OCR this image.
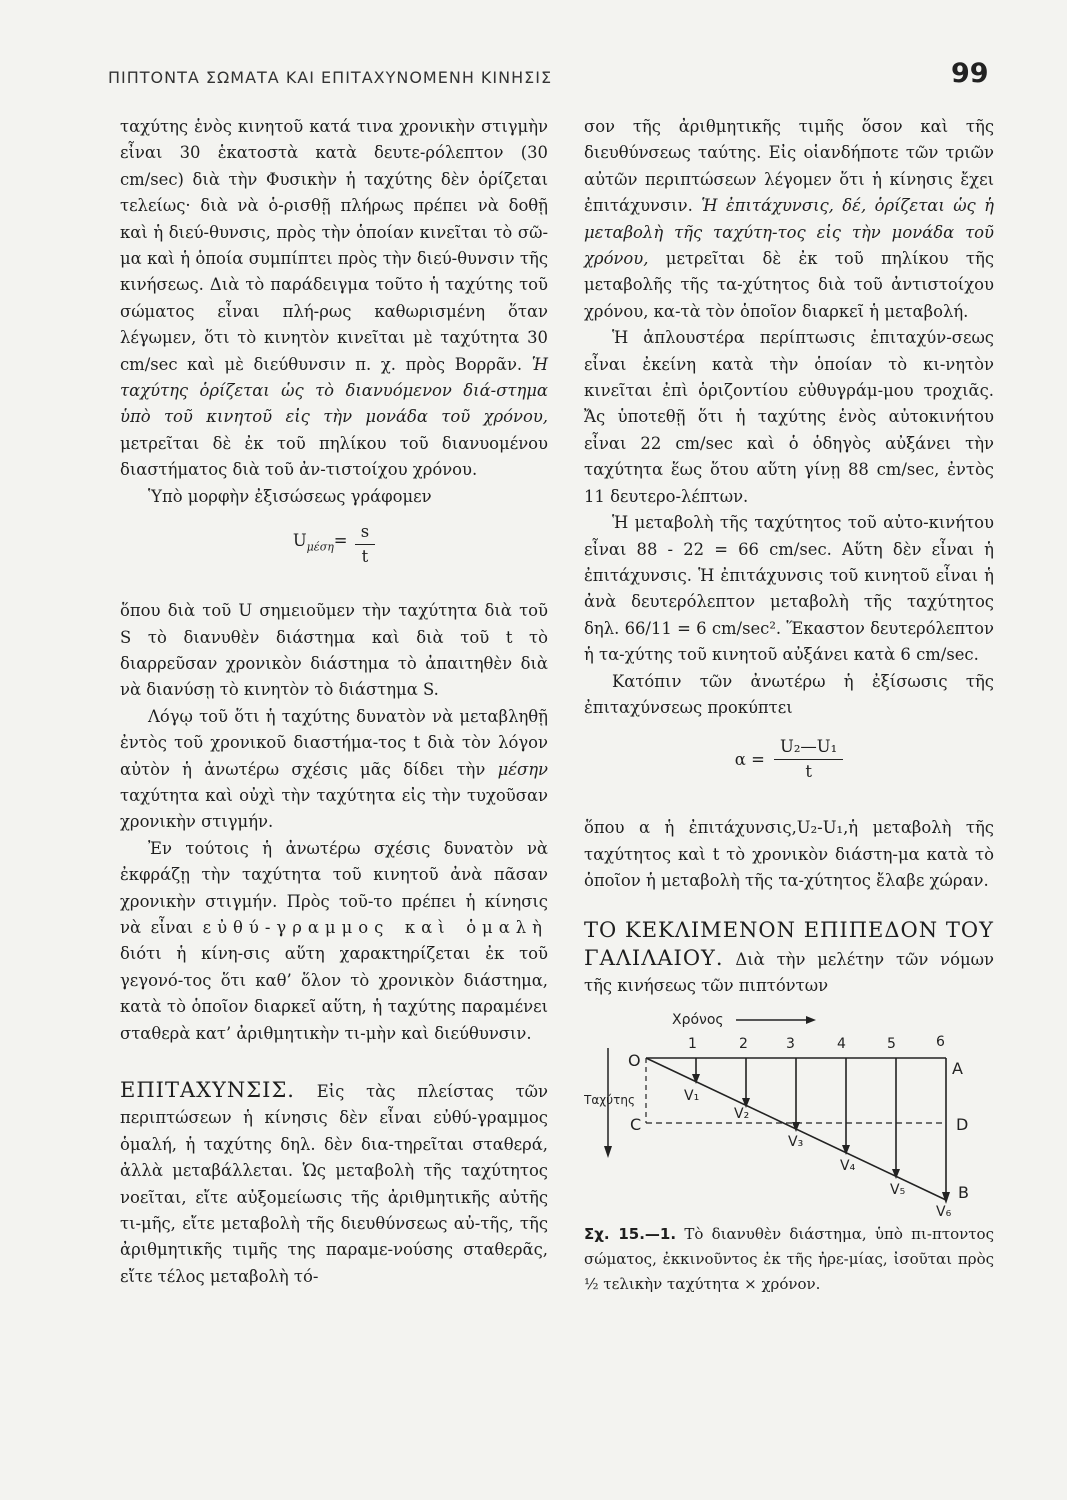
ΠΙΠΤΟΝΤΑ ΣΩΜΑΤΑ ΚΑΙ ΕΠΙΤΑΧΥΝΟΜΕΝΗ ΚΙΝΗΣΙΣ	99

ταχύτης ἑνὸς κινητοῦ κατά τινα χρονικὴν στιγμὴν εἶναι 30 ἑκατοστὰ κατὰ δευτε-ρόλεπτον (30 cm/sec) διὰ τὴν Φυσικὴν ἡ ταχύτης δὲν ὁρίζεται τελείως· διὰ νὰ ὁ-ρισθῇ πλήρως πρέπει νὰ δοθῇ καὶ ἡ διεύ-θυνσις, πρὸς τὴν ὁποίαν κινεῖται τὸ σῶ-μα καὶ ἡ ὁποία συμπίπτει πρὸς τὴν διεύ-θυνσιν τῆς κινήσεως. Διὰ τὸ παράδειγμα τοῦτο ἡ ταχύτης τοῦ σώματος εἶναι πλή-ρως καθωρισμένη ὅταν λέγωμεν, ὅτι τὸ κινητὸν κινεῖται μὲ ταχύτητα 30 cm/sec καὶ μὲ διεύθυνσιν π. χ. πρὸς Βορρᾶν. Ἡ ταχύτης ὁρίζεται ὡς τὸ διανυόμενον διά-στημα ὑπὸ τοῦ κινητοῦ εἰς τὴν μονάδα τοῦ χρόνου, μετρεῖται δὲ ἐκ τοῦ πηλίκου τοῦ διανυομένου διαστήματος διὰ τοῦ ἀν-τιστοίχου χρόνου.

Ὑπὸ μορφὴν ἐξισώσεως γράφομεν

$U_{\mu έ\sigma\eta}= \frac{s}{t}$

ὅπου διὰ τοῦ U σημειοῦμεν τὴν ταχύτητα διὰ τοῦ S τὸ διανυθὲν διάστημα καὶ διὰ τοῦ t τὸ διαρρεῦσαν χρονικὸν διάστημα τὸ ἀπαιτηθὲν διὰ νὰ διανύσῃ τὸ κινητὸν τὸ διάστημα S.

Λόγῳ τοῦ ὅτι ἡ ταχύτης δυνατὸν νὰ μεταβληθῇ ἐντὸς τοῦ χρονικοῦ διαστήμα-τος t διὰ τὸν λόγον αὐτὸν ἡ ἀνωτέρω σχέσις μᾶς δίδει τὴν μέσην ταχύτητα καὶ οὐχὶ τὴν ταχύτητα εἰς τὴν τυχοῦσαν χρονικὴν στιγμήν.

Ἐν τούτοις ἡ ἀνωτέρω σχέσις δυνατὸν νὰ ἐκφράζῃ τὴν ταχύτητα τοῦ κινητοῦ ἀνὰ πᾶσαν χρονικὴν στιγμήν. Πρὸς τοῦ-το πρέπει ἡ κίνησις νὰ εἶναι εὐθύ-γραμμος καὶ ὁμαλὴ διότι ἡ κίνη-σις αὕτη χαρακτηρίζεται ἐκ τοῦ γεγονό-τος ὅτι καθ’ ὅλον τὸ χρονικὸν διάστημα, κατὰ τὸ ὁποῖον διαρκεῖ αὕτη, ἡ ταχύτης παραμένει σταθερὰ κατ’ ἀριθμητικὴν τι-μὴν καὶ διεύθυνσιν.

ΕΠΙΤΑΧΥΝΣΙΣ. Εἰς τὰς πλείστας τῶν περιπτώσεων ἡ κίνησις δὲν εἶναι εὐθύ-γραμμος ὁμαλή, ἡ ταχύτης δηλ. δὲν δια-τηρεῖται σταθερά, ἀλλὰ μεταβάλλεται. Ὡς μεταβολὴ τῆς ταχύτητος νοεῖται, εἴτε αὐξομείωσις τῆς ἀριθμητικῆς αὐτῆς τι-μῆς, εἴτε μεταβολὴ τῆς διευθύνσεως αὐ-τῆς, τῆς ἀριθμητικῆς τιμῆς της παραμε-νούσης σταθερᾶς, εἴτε τέλος μεταβολὴ τό-

σον τῆς ἀριθμητικῆς τιμῆς ὅσον καὶ τῆς διευθύνσεως ταύτης. Εἰς οἱανδήποτε τῶν τριῶν αὐτῶν περιπτώσεων λέγομεν ὅτι ἡ κίνησις ἔχει ἐπιτάχυνσιν. Ἡ ἐπιτάχυνσις, δέ, ὁρίζεται ὡς ἡ μεταβολὴ τῆς ταχύτη-τος εἰς τὴν μονάδα τοῦ χρόνου, μετρεῖται δὲ ἐκ τοῦ πηλίκου τῆς μεταβολῆς τῆς τα-χύτητος διὰ τοῦ ἀντιστοίχου χρόνου, κα-τὰ τὸν ὁποῖον διαρκεῖ ἡ μεταβολή.

Ἡ ἁπλουστέρα περίπτωσις ἐπιταχύν-σεως εἶναι ἐκείνη κατὰ τὴν ὁποίαν τὸ κι-νητὸν κινεῖται ἐπὶ ὁριζοντίου εὐθυγράμ-μου τροχιᾶς. Ἄς ὑποτεθῇ ὅτι ἡ ταχύτης ἑνὸς αὐτοκινήτου εἶναι 22 cm/sec καὶ ὁ ὁδηγὸς αὐξάνει τὴν ταχύτητα ἕως ὅτου αὕτη γίνῃ 88 cm/sec, ἐντὸς 11 δευτερο-λέπτων.

Ἡ μεταβολὴ τῆς ταχύτητος τοῦ αὐτο-κινήτου εἶναι 88 - 22 = 66 cm/sec. Αὕτη δὲν εἶναι ἡ ἐπιτάχυνσις. Ἡ ἐπιτάχυνσις τοῦ κινητοῦ εἶναι ἡ ἀνὰ δευτερόλεπτον μεταβολὴ τῆς ταχύτητος δηλ. 66/11 = 6 cm/sec². Ἕκαστον δευτερόλεπτον ἡ τα-χύτης τοῦ κινητοῦ αὐξάνει κατὰ 6 cm/sec.

Κατόπιν τῶν ἀνωτέρω ἡ ἐξίσωσις τῆς ἐπιταχύνσεως προκύπτει

$\alpha = \frac{\text{U₂—U₁}}{t}$

ὅπου α ἡ ἐπιτάχυνσις,U₂-U₁,ἡ μεταβολὴ τῆς ταχύτητος καὶ t τὸ χρονικὸν διάστη-μα κατὰ τὸ ὁποῖον ἡ μεταβολὴ τῆς τα-χύτητος ἔλαβε χώραν.

ΤΟ ΚΕΚΛΙΜΕΝΟΝ ΕΠΙΠΕΔΟΝ ΤΟΥ ΓΑΛΙΛΑΙΟΥ. Διὰ τὴν μελέτην τῶν νόμων τῆς κινήσεως τῶν πιπτόντων

Χρόνος
1	2	3	4	5	6
O	A
Ταχύτης
C	D
B
V₁
V₂
V₃
V₄
V₅
V₆
Σχ. 15.—1. Τὸ διανυθὲν διάστημα, ὑπὸ πι-πτοντος σώματος, ἐκκινοῦντος ἐκ τῆς ἠρε-μίας, ἰσοῦται πρὸς ½ τελικὴν ταχύτητα × χρόνον.
